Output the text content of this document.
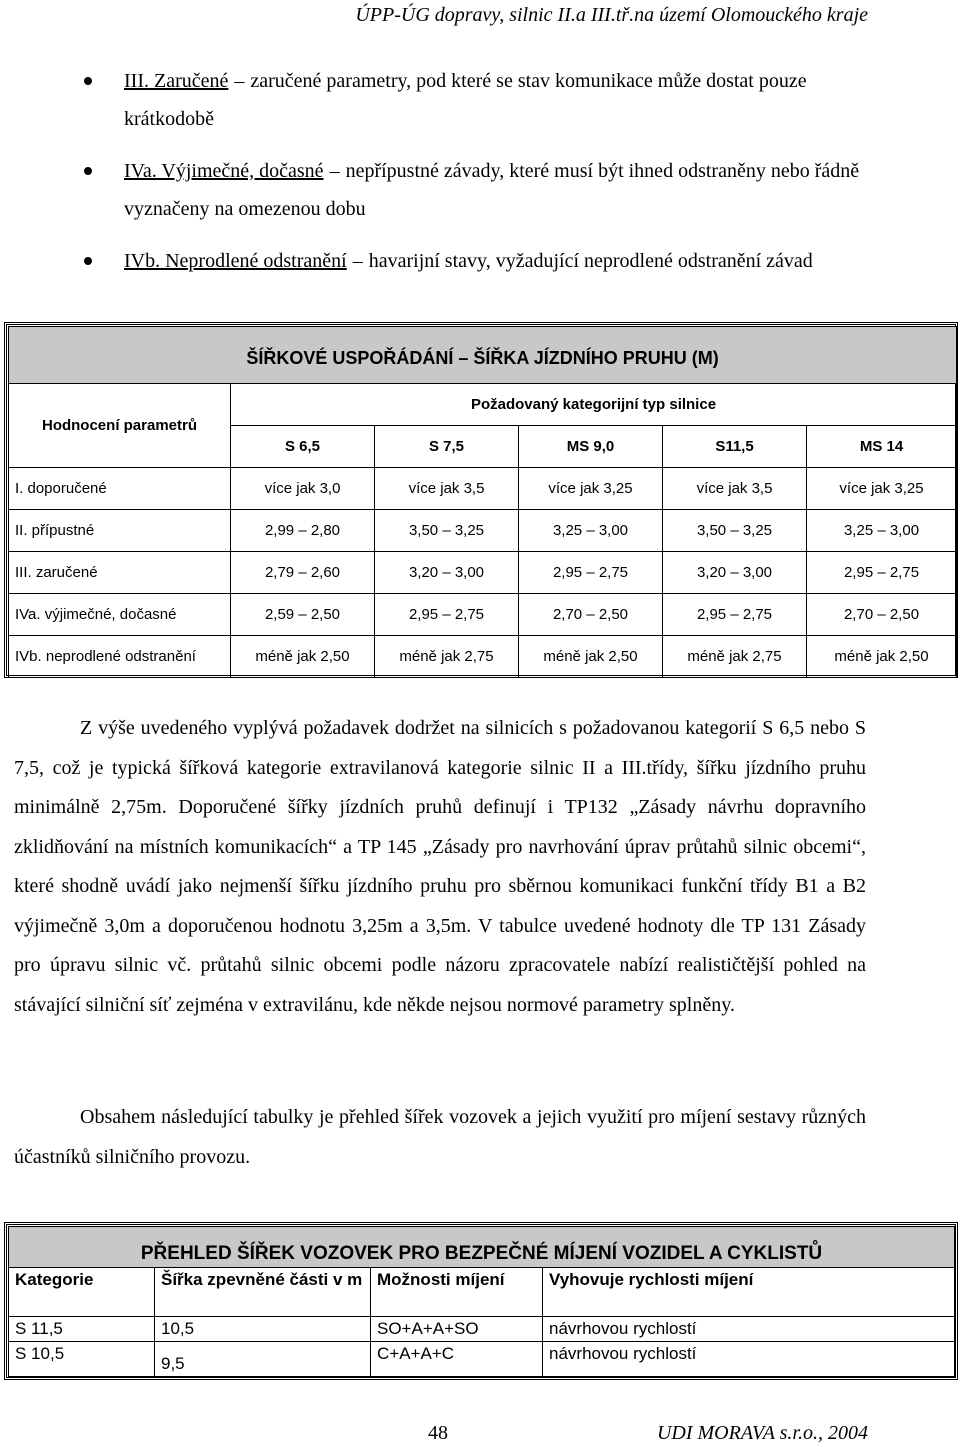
ÚPP-ÚG dopravy, silnic II.a III.tř.na území Olomouckého kraje
III. Zaručené – zaručené parametry, pod které se stav komunikace může dostat pouze krátkodobě
IVa. Výjimečné, dočasné – nepřípustné závady, které musí být ihned odstraněny nebo řádně vyznačeny na omezenou dobu
IVb. Neprodlené odstranění – havarijní stavy, vyžadující neprodlené odstranění závad
ŠÍŘKOVÉ USPOŘÁDÁNÍ – ŠÍŘKA JÍZDNÍHO PRUHU (M)					
Hodnocení parametrů	Požadovaný kategorijní typ silnice				
	S 6,5	S 7,5	MS 9,0	S11,5	MS 14
I. doporučené	více jak 3,0	více jak 3,5	více jak 3,25	více jak 3,5	více jak 3,25
II. přípustné	2,99 – 2,80	3,50 – 3,25	3,25 – 3,00	3,50 – 3,25	3,25 – 3,00
III. zaručené	2,79 – 2,60	3,20 – 3,00	2,95 – 2,75	3,20 – 3,00	2,95 – 2,75
IVa. výjimečné, dočasné	2,59 – 2,50	2,95 – 2,75	2,70 – 2,50	2,95 – 2,75	2,70 – 2,50
IVb. neprodlené odstranění	méně jak 2,50	méně jak 2,75	méně jak 2,50	méně jak 2,75	méně jak 2,50

Z výše uvedeného vyplývá požadavek dodržet na silnicích s požadovanou kategorií S 6,5 nebo S 7,5, což je typická šířková kategorie extravilanová kategorie silnic II a III.třídy, šířku jízdního pruhu minimálně 2,75m. Doporučené šířky jízdních pruhů definují i TP132 „Zásady návrhu dopravního zklidňování na místních komunikacích“ a TP 145 „Zásady pro navrhování úprav průtahů silnic obcemi“, které shodně uvádí jako nejmenší šířku jízdního pruhu pro sběrnou komunikaci funkční třídy B1 a B2 výjimečně 3,0m a doporučenou hodnotu 3,25m a 3,5m. V tabulce uvedené hodnoty dle TP 131 Zásady pro úpravu silnic vč. průtahů silnic obcemi podle názoru zpracovatele nabízí realističtější pohled na stávající silniční síť zejména v extravilánu, kde někde nejsou normové parametry splněny.

Obsahem následující tabulky je přehled šířek vozovek a jejich využití pro míjení sestavy různých účastníků silničního provozu.

PŘEHLED ŠÍŘEK VOZOVEK PRO BEZPEČNÉ MÍJENÍ VOZIDEL A CYKLISTŮ			
Kategorie	Šířka zpevněné části v m	Možnosti míjení	Vyhovuje rychlosti míjení
S 11,5	10,5	SO+A+A+SO	návrhovou rychlostí
S 10,5	9,5	C+A+A+C	návrhovou rychlostí
48	UDI MORAVA s.r.o., 2004
